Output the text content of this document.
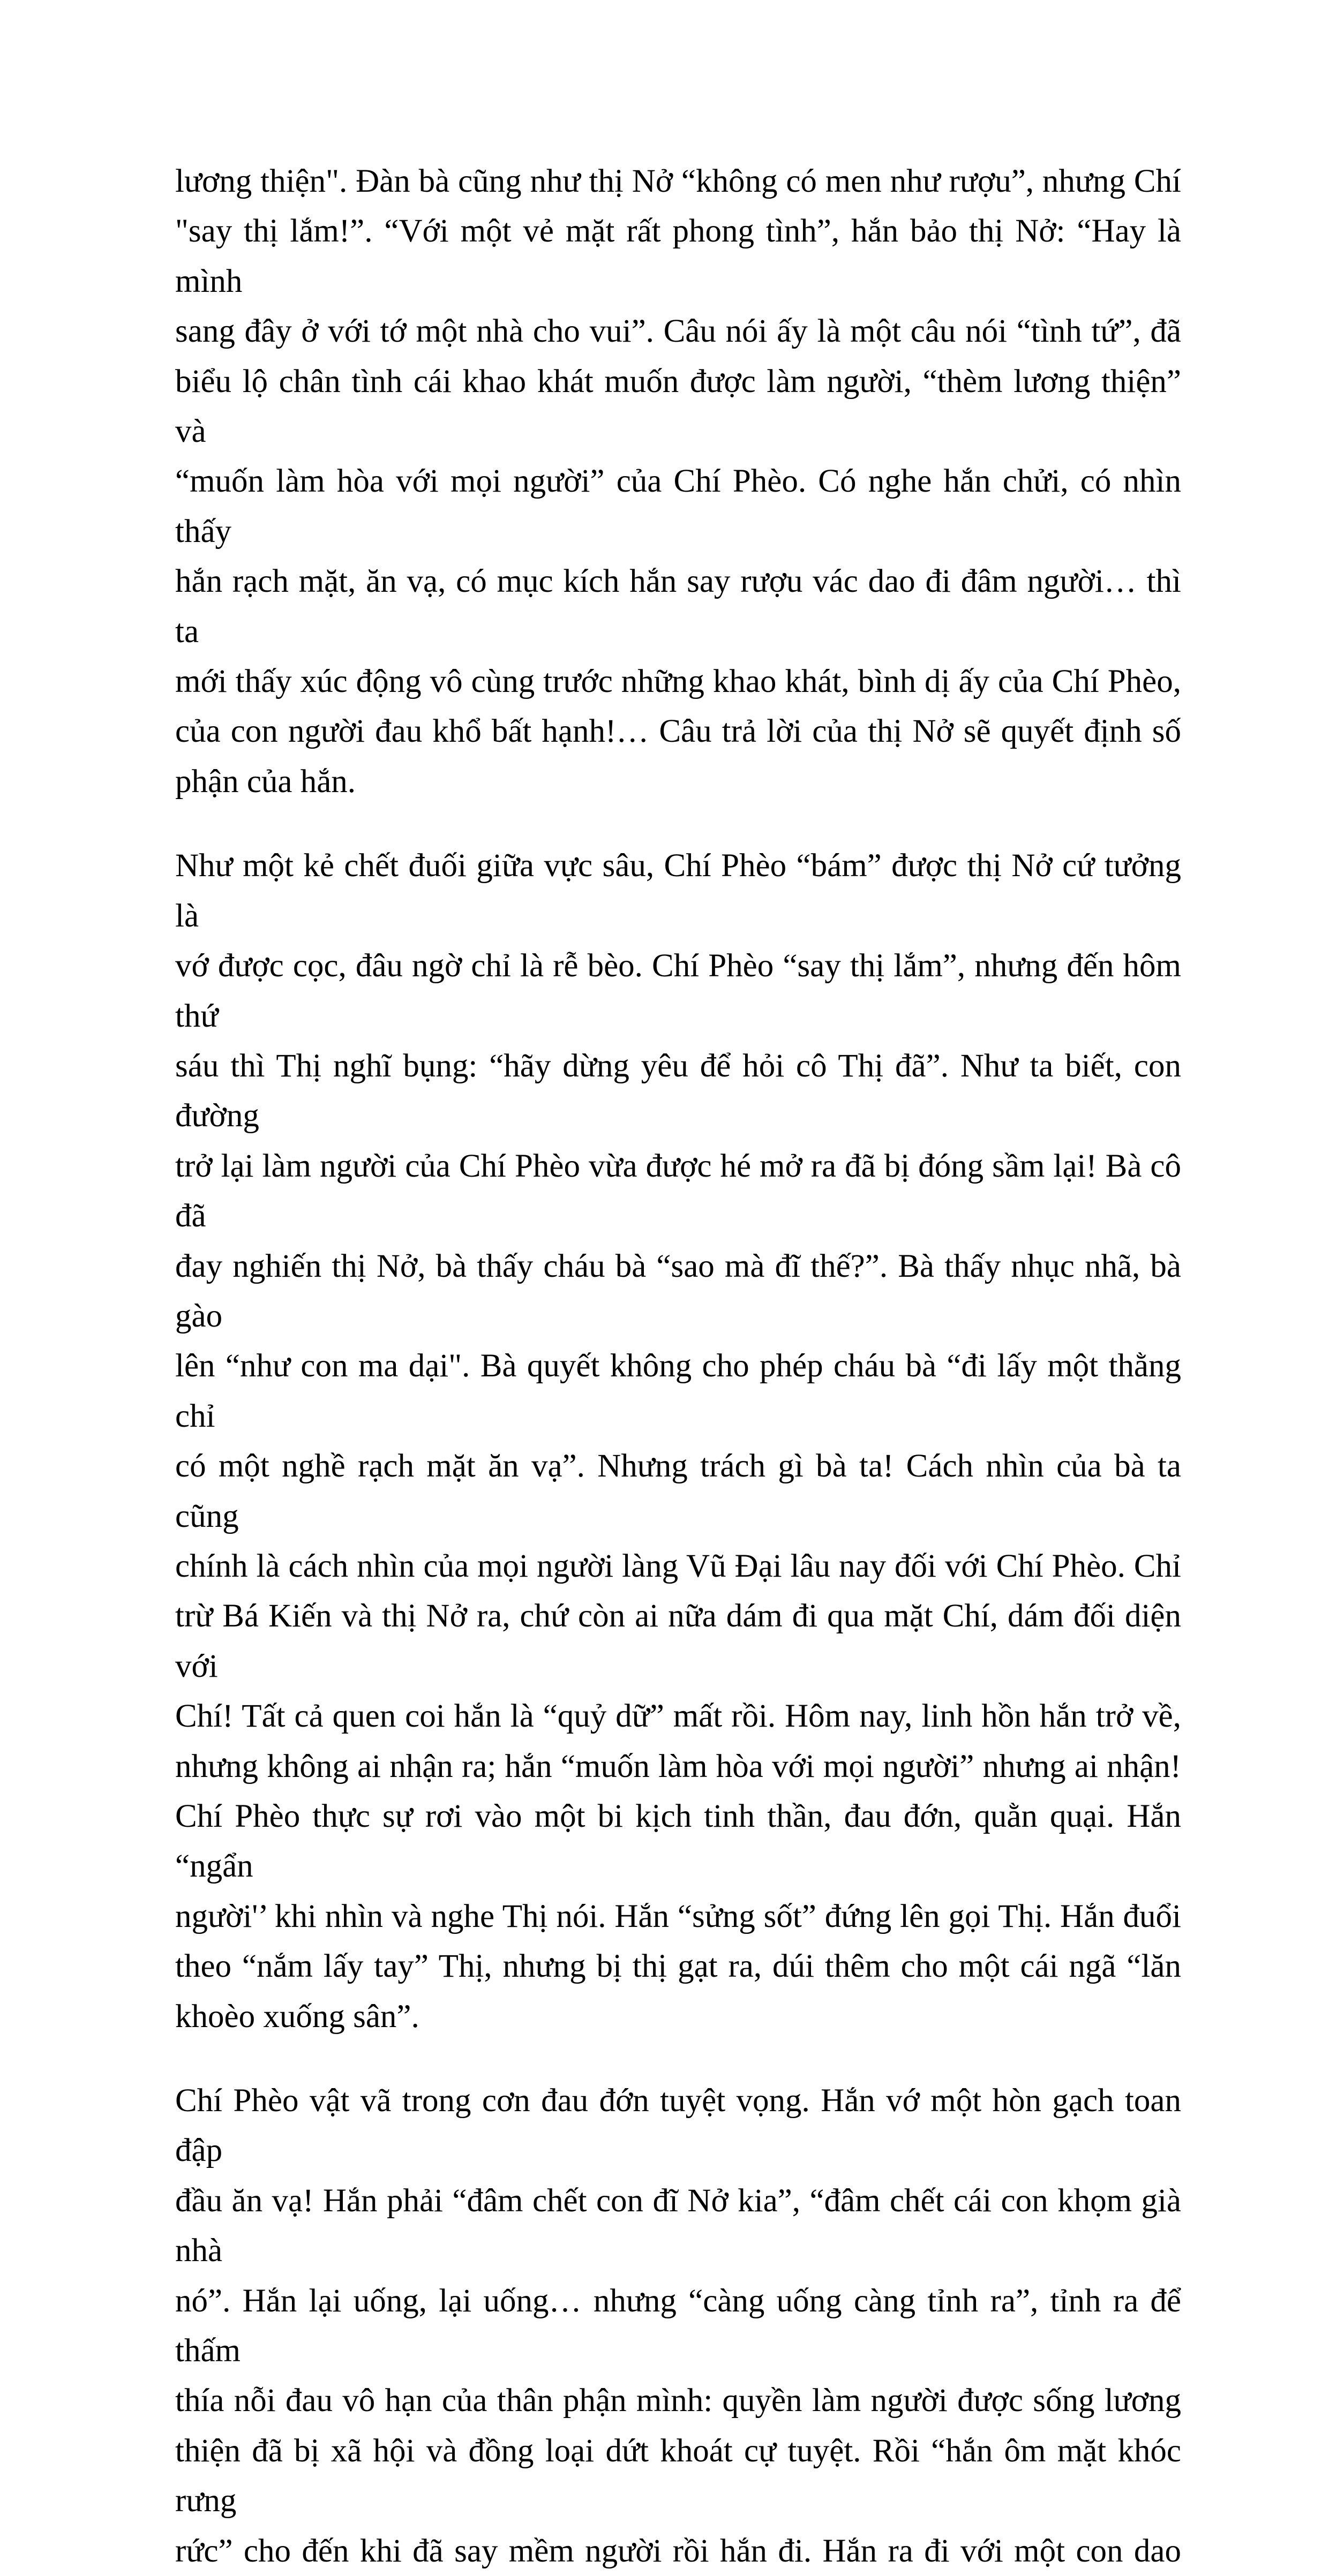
lương thiện". Đàn bà cũng như thị Nở “không có men như rượu”, nhưng Chí
"say thị lắm!”. “Với một vẻ mặt rất phong tình”, hắn bảo thị Nở: “Hay là mình
sang đây ở với tớ một nhà cho vui”. Câu nói ấy là một câu nói “tình tứ”, đã
biểu lộ chân tình cái khao khát muốn được làm người, “thèm lương thiện” và
“muốn làm hòa với mọi người” của Chí Phèo. Có nghe hắn chửi, có nhìn thấy
hắn rạch mặt, ăn vạ, có mục kích hắn say rượu vác dao đi đâm người… thì ta
mới thấy xúc động vô cùng trước những khao khát, bình dị ấy của Chí Phèo,
của con người đau khổ bất hạnh!… Câu trả lời của thị Nở sẽ quyết định số
phận của hắn.
Như một kẻ chết đuối giữa vực sâu, Chí Phèo “bám” được thị Nở cứ tưởng là
vớ được cọc, đâu ngờ chỉ là rễ bèo. Chí Phèo “say thị lắm”, nhưng đến hôm thứ
sáu thì Thị nghĩ bụng: “hãy dừng yêu để hỏi cô Thị đã”. Như ta biết, con đường
trở lại làm người của Chí Phèo vừa được hé mở ra đã bị đóng sầm lại! Bà cô đã
đay nghiến thị Nở, bà thấy cháu bà “sao mà đĩ thế?”. Bà thấy nhục nhã, bà gào
lên “như con ma dại". Bà quyết không cho phép cháu bà “đi lấy một thằng chỉ
có một nghề rạch mặt ăn vạ”. Nhưng trách gì bà ta! Cách nhìn của bà ta cũng
chính là cách nhìn của mọi người làng Vũ Đại lâu nay đối với Chí Phèo. Chỉ
trừ Bá Kiến và thị Nở ra, chứ còn ai nữa dám đi qua mặt Chí, dám đối diện với
Chí! Tất cả quen coi hắn là “quỷ dữ” mất rồi. Hôm nay, linh hồn hắn trở về,
nhưng không ai nhận ra; hắn “muốn làm hòa với mọi người” nhưng ai nhận!
Chí Phèo thực sự rơi vào một bi kịch tinh thần, đau đớn, quằn quại. Hắn “ngẩn
người'’ khi nhìn và nghe Thị nói. Hắn “sửng sốt” đứng lên gọi Thị. Hắn đuổi
theo “nắm lấy tay” Thị, nhưng bị thị gạt ra, dúi thêm cho một cái ngã “lăn
khoèo xuống sân”.
Chí Phèo vật vã trong cơn đau đớn tuyệt vọng. Hắn vớ một hòn gạch toan đập
đầu ăn vạ! Hắn phải “đâm chết con đĩ Nở kia”, “đâm chết cái con khọm già nhà
nó”. Hắn lại uống, lại uống… nhưng “càng uống càng tỉnh ra”, tỉnh ra để thấm
thía nỗi đau vô hạn của thân phận mình: quyền làm người được sống lương
thiện đã bị xã hội và đồng loại dứt khoát cự tuyệt. Rồi “hắn ôm mặt khóc rưng
rức” cho đến khi đã say mềm người rồi hắn đi. Hắn ra đi với một con dao
